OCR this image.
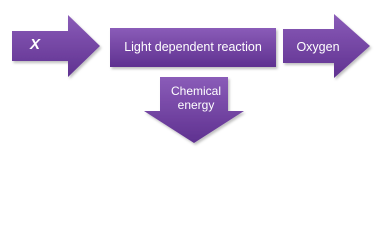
X	Light dependent reaction	Oxygen
Chemical energy
